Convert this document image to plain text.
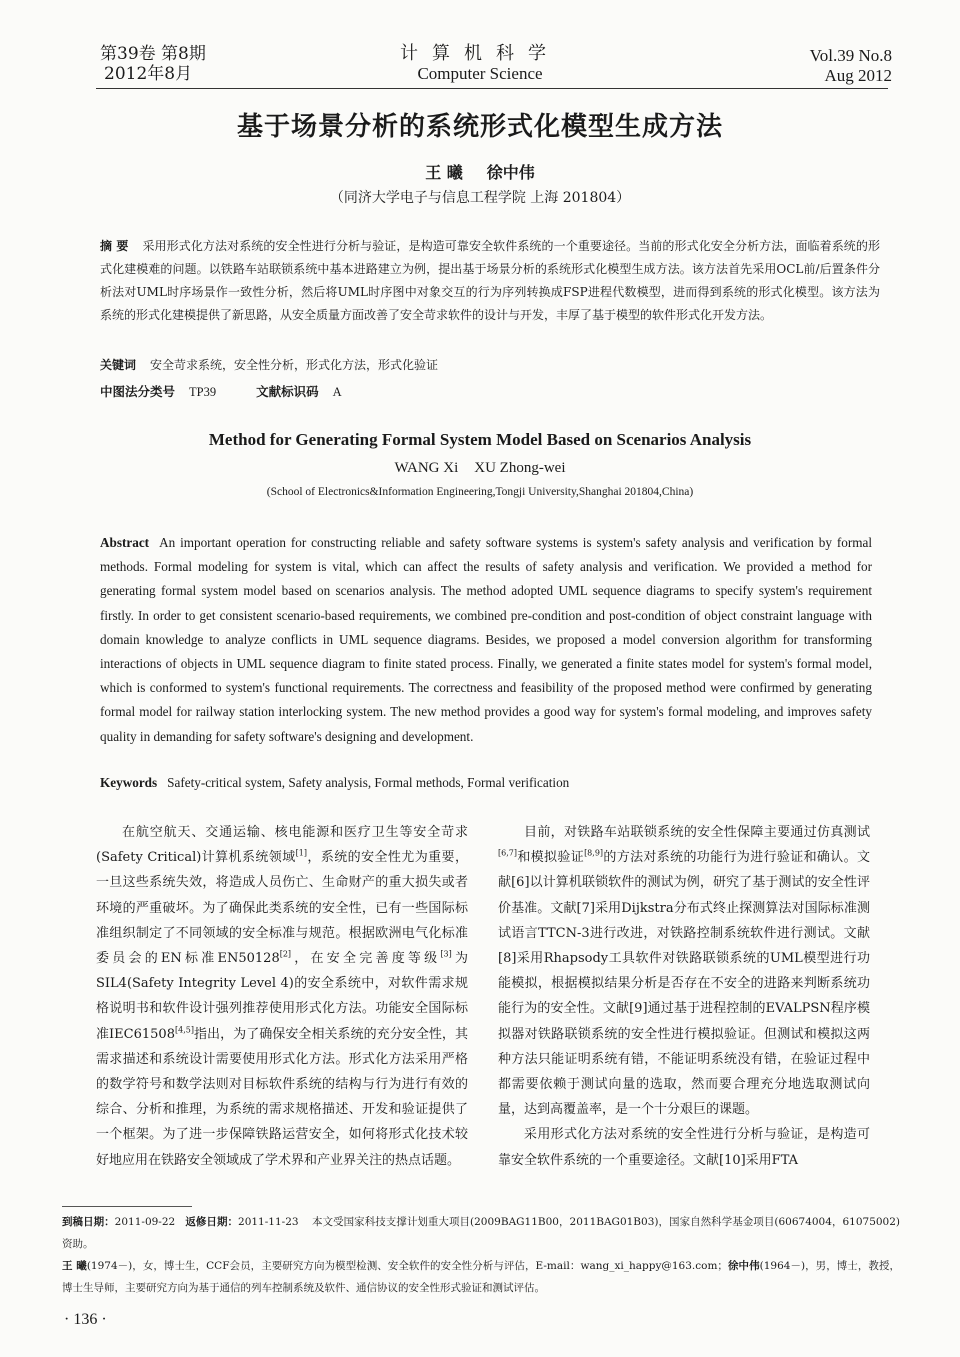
第39卷 第8期
2012年8月
计算机科学
Computer Science
Vol.39 No.8
Aug 2012
基于场景分析的系统形式化模型生成方法
王 曦 徐中伟
（同济大学电子与信息工程学院 上海 201804）
摘 要 采用形式化方法对系统的安全性进行分析与验证，是构造可靠安全软件系统的一个重要途径。当前的形式化安全分析方法，面临着系统的形式化建模难的问题。以铁路车站联锁系统中基本进路建立为例，提出基于场景分析的系统形式化模型生成方法。该方法首先采用OCL前/后置条件分析法对UML时序场景作一致性分析，然后将UML时序图中对象交互的行为序列转换成FSP进程代数模型，进而得到系统的形式化模型。该方法为系统的形式化建模提供了新思路，从安全质量方面改善了安全苛求软件的设计与开发，丰厚了基于模型的软件形式化开发方法。
关键词 安全苛求系统，安全性分析，形式化方法，形式化验证
中图法分类号 TP39	文献标识码 A
Method for Generating Formal System Model Based on Scenarios Analysis
WANG Xi XU Zhong-wei
(School of Electronics&Information Engineering,Tongji University,Shanghai 201804,China)
Abstract An important operation for constructing reliable and safety software systems is system's safety analysis and verification by formal methods. Formal modeling for system is vital, which can affect the results of safety analysis and verification. We provided a method for generating formal system model based on scenarios analysis. The method adopted UML sequence diagrams to specify system's requirement firstly. In order to get consistent scenario-based requirements, we combined pre-condition and post-condition of object constraint language with domain knowledge to analyze conflicts in UML sequence diagrams. Besides, we proposed a model conversion algorithm for transforming interactions of objects in UML sequence diagram to finite stated process. Finally, we generated a finite states model for system's formal model, which is conformed to system's functional requirements. The correctness and feasibility of the proposed method were confirmed by generating formal model for railway station interlocking system. The new method provides a good way for system's formal modeling, and improves safety quality in demanding for safety software's designing and development.
Keywords Safety-critical system, Safety analysis, Formal methods, Formal verification

在航空航天、交通运输、核电能源和医疗卫生等安全苛求(Safety Critical)计算机系统领域[1]，系统的安全性尤为重要，一旦这些系统失效，将造成人员伤亡、生命财产的重大损失或者环境的严重破坏。为了确保此类系统的安全性，已有一些国际标准组织制定了不同领域的安全标准与规范。根据欧洲电气化标准委员会的EN标准EN50128[2]，在安全完善度等级[3]为SIL4(Safety Integrity Level 4)的安全系统中，对软件需求规格说明书和软件设计强列推荐使用形式化方法。功能安全国际标准IEC61508[4,5]指出，为了确保安全相关系统的充分安全性，其需求描述和系统设计需要使用形式化方法。形式化方法采用严格的数学符号和数学法则对目标软件系统的结构与行为进行有效的综合、分析和推理，为系统的需求规格描述、开发和验证提供了一个框架。为了进一步保障铁路运营安全，如何将形式化技术较好地应用在铁路安全领域成了学术界和产业界关注的热点话题。

目前，对铁路车站联锁系统的安全性保障主要通过仿真测试[6,7]和模拟验证[8,9]的方法对系统的功能行为进行验证和确认。文献[6]以计算机联锁软件的测试为例，研究了基于测试的安全性评价基准。文献[7]采用Dijkstra分布式终止探测算法对国际标准测试语言TTCN-3进行改进，对铁路控制系统软件进行测试。文献[8]采用Rhapsody工具软件对铁路联锁系统的UML模型进行功能模拟，根据模拟结果分析是否存在不安全的进路来判断系统功能行为的安全性。文献[9]通过基于进程控制的EVALPSN程序模拟器对铁路联锁系统的安全性进行模拟验证。但测试和模拟这两种方法只能证明系统有错，不能证明系统没有错，在验证过程中都需要依赖于测试向量的选取，然而要合理充分地选取测试向量，达到高覆盖率，是一个十分艰巨的课题。

采用形式化方法对系统的安全性进行分析与验证，是构造可靠安全软件系统的一个重要途径。文献[10]采用FTA

到稿日期：2011-09-22 返修日期：2011-11-23 本文受国家科技支撑计划重大项目(2009BAG11B00，2011BAG01B03)，国家自然科学基金项目(60674004，61075002)资助。
王 曦(1974－)，女，博士生，CCF会员，主要研究方向为模型检测、安全软件的安全性分析与评估，E-mail：wang_xi_happy@163.com；徐中伟(1964－)，男，博士，教授，博士生导师，主要研究方向为基于通信的列车控制系统及软件、通信协议的安全性形式验证和测试评估。
· 136 ·
